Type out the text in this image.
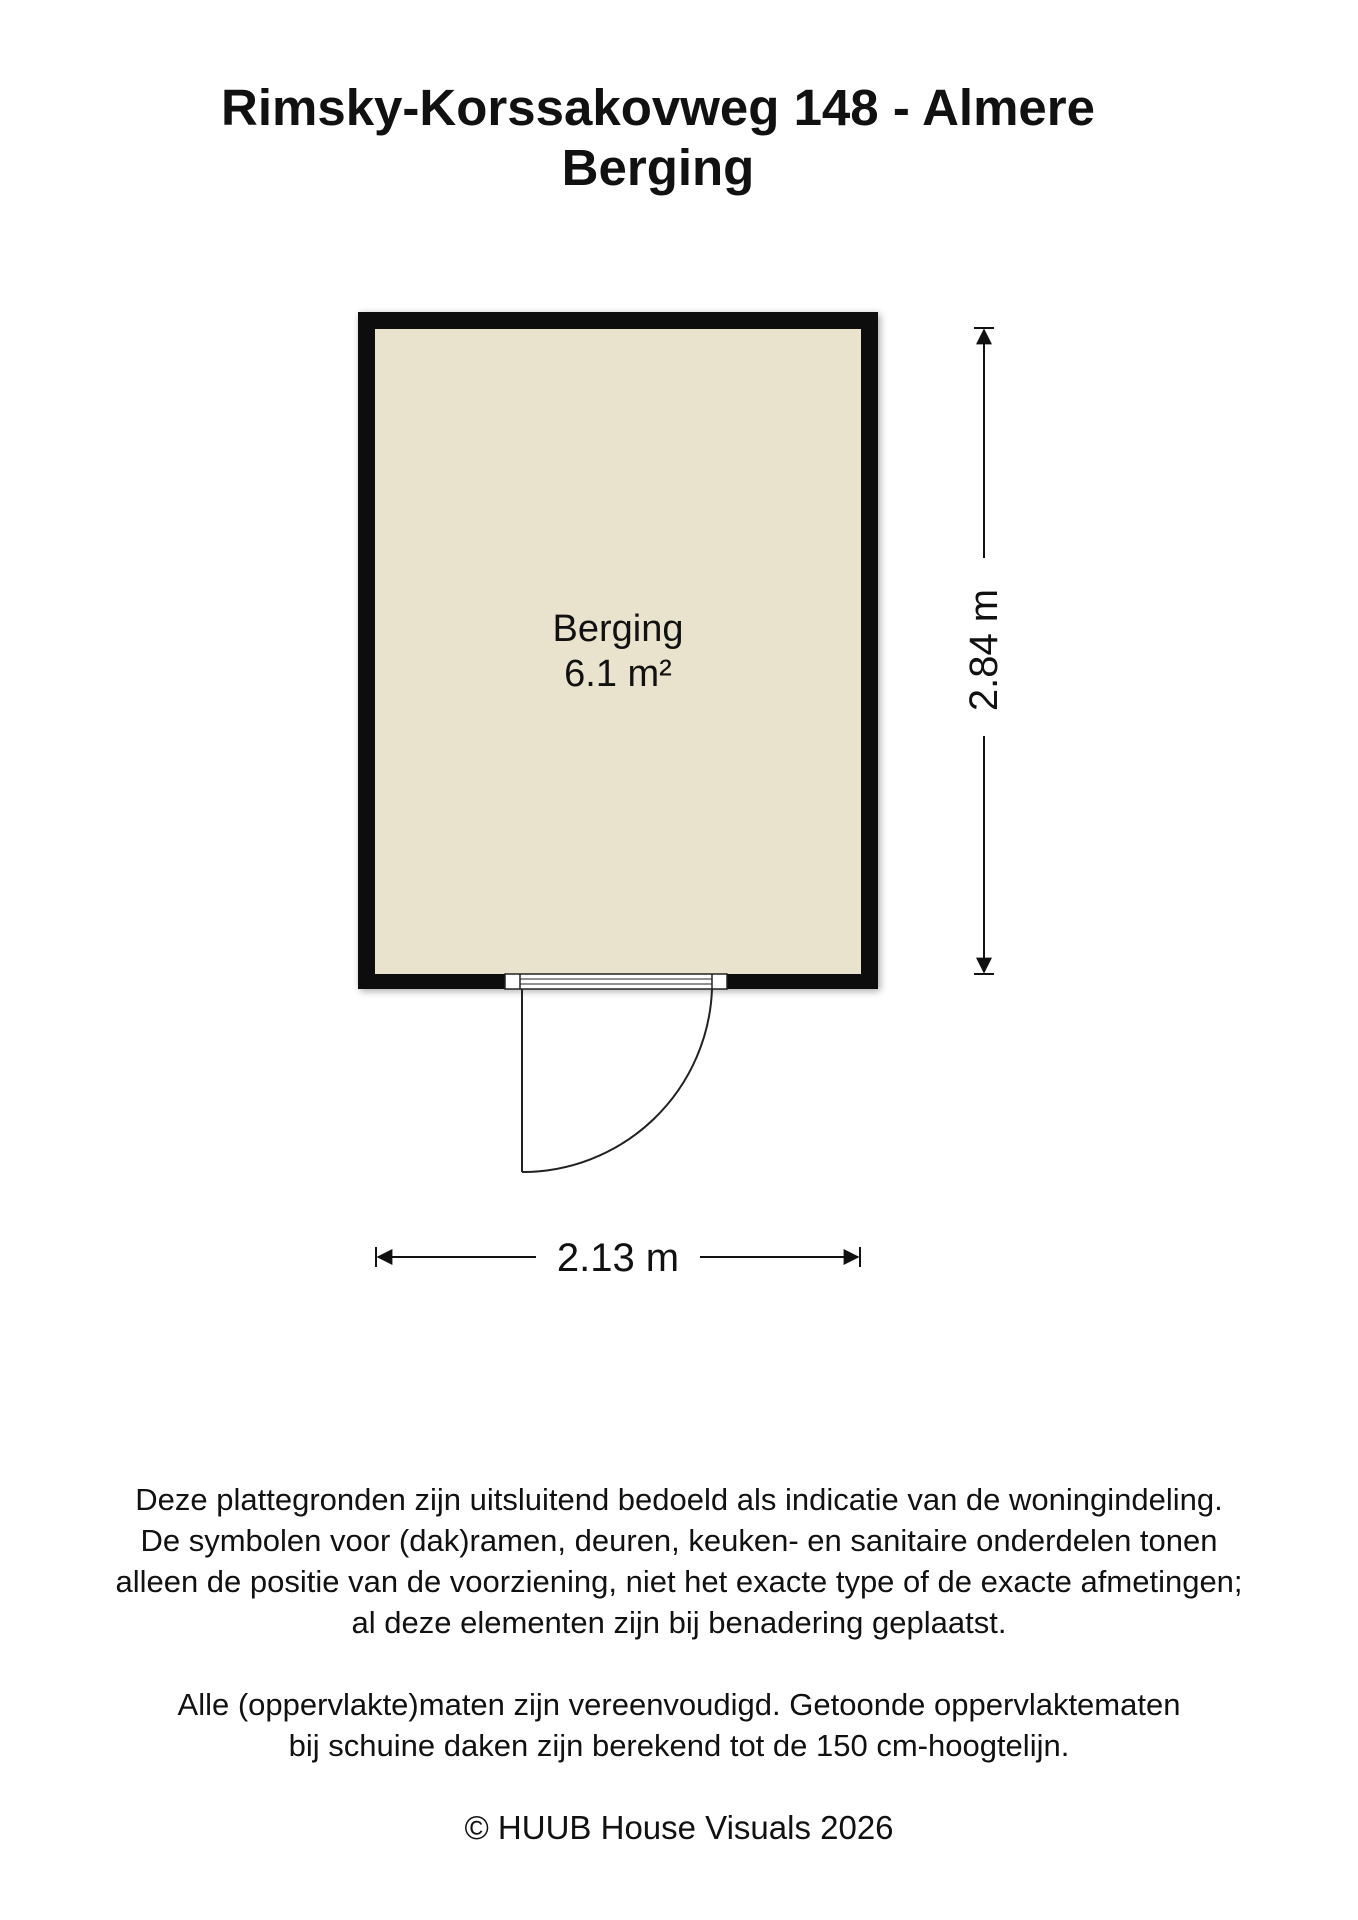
Rimsky-Korssakovweg 148 - Almere
Berging
Berging
6.1 m²	2.84 m
2.13 m
Deze plattegronden zijn uitsluitend bedoeld als indicatie van de woningindeling.
De symbolen voor (dak)ramen, deuren, keuken- en sanitaire onderdelen tonen
alleen de positie van de voorziening, niet het exacte type of de exacte afmetingen;
al deze elementen zijn bij benadering geplaatst.
Alle (oppervlakte)maten zijn vereenvoudigd. Getoonde oppervlaktematen
bij schuine daken zijn berekend tot de 150 cm-hoogtelijn.
© HUUB House Visuals 2026
